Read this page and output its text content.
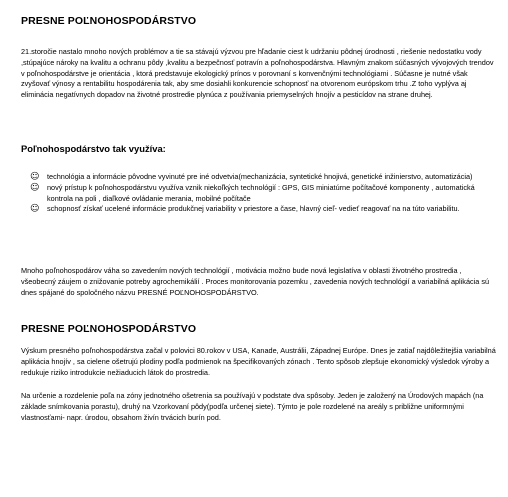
PRESNE POĽNOHOSPODÁRSTVO
21.storočie nastalo mnoho nových problémov a tie sa stávajú výzvou pre hľadanie ciest k udržaniu pôdnej úrodnosti , riešenie nedostatku vody ,stúpajúce nároky na kvalitu a ochranu pôdy ,kvalitu a bezpečnosť potravín a poľnohospodárstva. Hlavným znakom súčasných vývojových trendov v poľnohospodárstve je orientácia , ktorá predstavuje ekologický prínos v porovnaní s konvenčnými technológiami . Súčasne je nutné však zvyšovať výnosy a rentabilitu hospodárenia tak, aby sme dosiahli konkurencie schopnosť na otvorenom európskom trhu .Z toho vyplýva aj eliminácia negatívnych dopadov na životné prostredie plynúca z používania priemyselných hnojív a pesticídov na strane druhej.
Poľnohospodárstvo tak využíva:
☺ technológia a informácie pôvodne vyvinuté pre iné odvetvia(mechanizácia, syntetické hnojivá, genetické inžinierstvo, automatizácia)
☺ nový prístup k poľnohospodárstvu využíva vznik niekoľkých technológií : GPS, GIS miniatúrne počítačové komponenty , automatická kontrola na poli , diaľkové ovládanie merania, mobilné počítače
☺ schopnosť získať ucelené informácie produkčnej variability v priestore a čase, hlavný cieľ- vedieť reagovať na na túto variabilitu.
Mnoho poľnohospodárov váha so zavedením nových technológií , motivácia možno bude nová legislatíva v oblasti životného prostredia , všeobecný záujem o znižovanie potreby agrochemikálií . Proces monitorovania pozemku , zavedenia nových technológií a variabilná aplikácia sú dnes spájané do spoločného názvu PRESNÉ POĽNOHOSPODÁRSTVO.
PRESNE POĽNOHOSPODÁRSTVO
Výskum presného poľnohospodárstva začal v polovici 80.rokov v USA, Kanade, Austrálii, Západnej Európe. Dnes je zatiaľ najdôležitejšia variabilná aplikácia hnojív , sa cielene ošetrujú plodiny podľa podmienok na špecifikovaných zónach . Tento spôsob zlepšuje ekonomický výsledok výroby a redukuje riziko introdukcie nežiaducich látok do prostredia.
Na určenie a rozdelenie poľa na zóny jednotného ošetrenia sa používajú v podstate dva spôsoby. Jeden je založený na Úrodových mapách (na základe snímkovania porastu), druhý na Vzorkovaní pôdy(podľa určenej siete). Týmto je pole rozdelené na areály s približne uniformnými vlastnosťami- napr. úrodou, obsahom živín trvácich burín pod.
